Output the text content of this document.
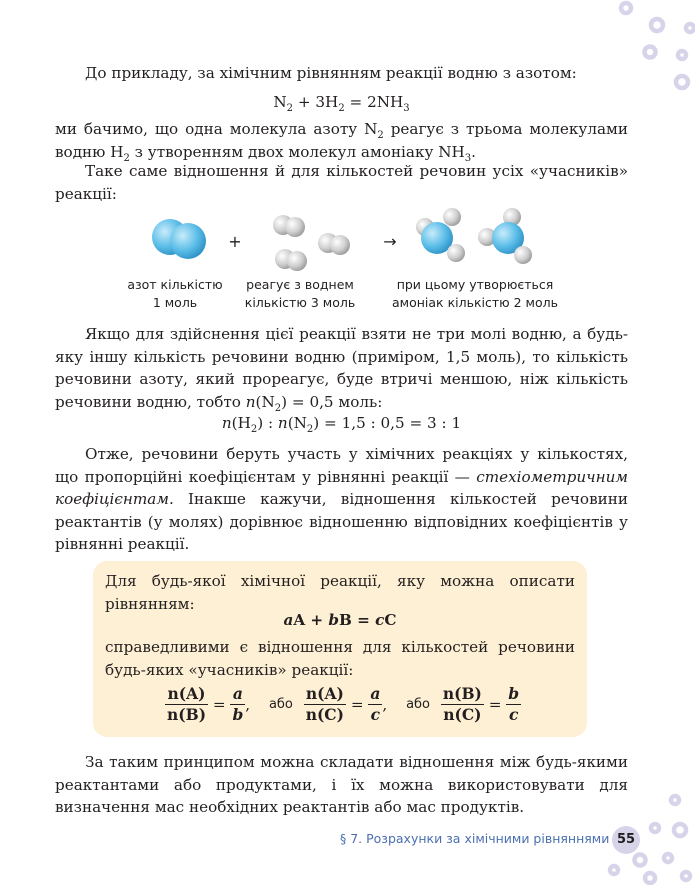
До прикладу, за хімічним рівнянням реакції водню з азотом:
$N_2 + 3H_2 = 2NH_3$
ми бачимо, що одна молекула азоту $N_2$ реагує з трьома молекулами водню $H_2$ з утворенням двох молекул амоніаку $NH_3$.
Таке саме відношення й для кількостей речовин усіх «учасників» реакції:
+	→
азот кількістю
1 моль
реагує з воднем
кількістю 3 моль
при цьому утворюється
амоніак кількістю 2 моль
Якщо для здійснення цієї реакції взяти не три молі водню, а будь-яку іншу кількість речовини водню (приміром, 1,5 моль), то кількість речовини азоту, який прореагує, буде втричі меншою, ніж кількість речовини водню, тобто $n(N_2) = 0,5$ моль:
$n(H_2)$ : $n(N_2) = 1,5$ : 0,5 = 3 : 1
Отже, речовини беруть участь у хімічних реакціях у кількостях, що пропорційні коефіцієнтам у рівнянні реакції — стехіометричним коефіцієнтам. Інакше кажучи, відношення кількостей речовини реактантів (у молях) дорівнює відношенню відповідних коефіцієнтів у рівнянні реакції.
Для будь-якої хімічної реакції, яку можна описати рівнянням:
aA + bB = cC
справедливими є відношення для кількостей речовини будь-яких «учасників» реакції:
$\frac{n(A)}{n(B)} = \frac{a}{b}$ , або $\frac{n(A)}{n(C)} = \frac{a}{c}$ , або $\frac{n(B)}{n(C)} = \frac{b}{c}$
За таким принципом можна складати відношення між будь-якими реактантами або продуктами, і їх можна використовувати для визначення мас необхідних реактантів або мас продуктів.
§ 7. Розрахунки за хімічними рівняннями 55
